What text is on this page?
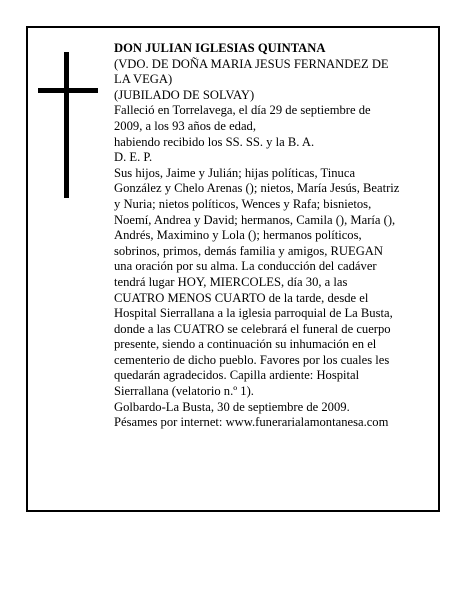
DON JULIAN IGLESIAS QUINTANA

(VDO. DE DOÑA MARIA JESUS FERNANDEZ DE LA VEGA)

(JUBILADO DE SOLVAY)

Falleció en Torrelavega, el día 29 de septiembre de 2009, a los 93 años de edad,

habiendo recibido los SS. SS. y la B. A.

D. E. P.

Sus hijos, Jaime y Julián; hijas políticas, Tinuca González y Chelo Arenas (); nietos, María Jesús, Beatriz y Nuria; nietos políticos, Wences y Rafa; bisnietos, Noemí, Andrea y David; hermanos, Camila (), María (), Andrés, Maximino y Lola (); hermanos políticos, sobrinos, primos, demás familia y amigos, RUEGAN una oración por su alma. La conducción del cadáver tendrá lugar HOY, MIERCOLES, día 30, a las CUATRO MENOS CUARTO de la tarde, desde el Hospital Sierrallana a la iglesia parroquial de La Busta, donde a las CUATRO se celebrará el funeral de cuerpo presente, siendo a continuación su inhumación en el cementerio de dicho pueblo. Favores por los cuales les quedarán agradecidos. Capilla ardiente: Hospital Sierrallana (velatorio n.º 1).

Golbardo-La Busta, 30 de septiembre de 2009.

Pésames por internet: www.funerarialamontanesa.com
